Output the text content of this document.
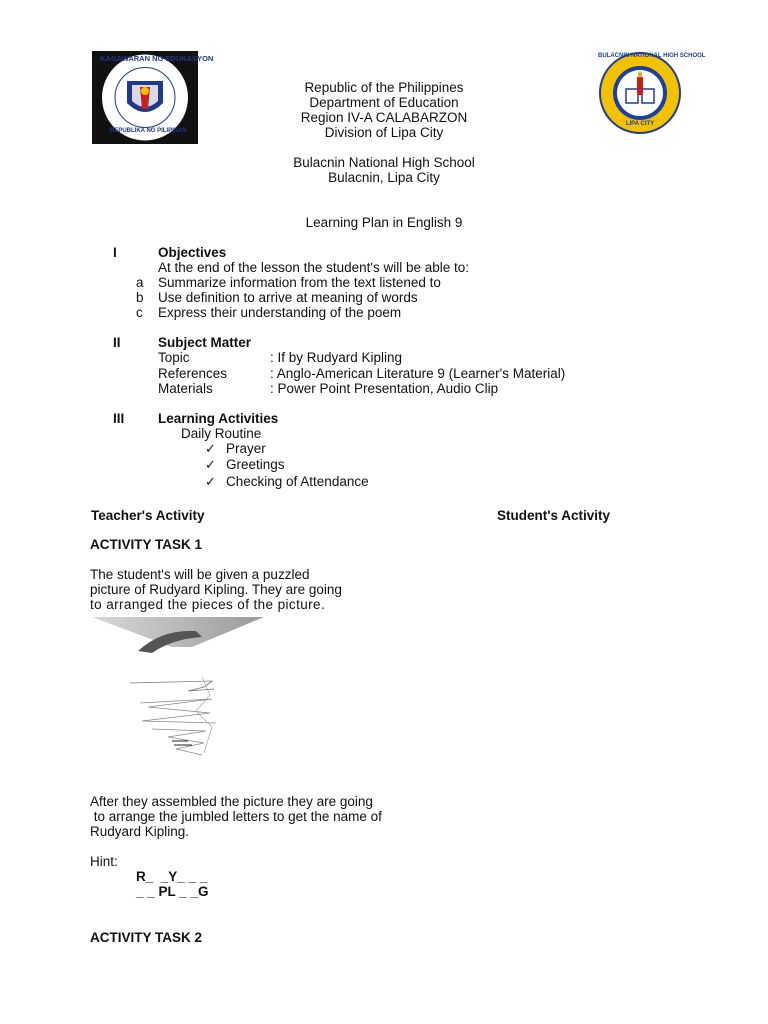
KAGAWARAN NG EDUKASYON
REPUBLIKA NG PILIPINAS
BULACNIN NATIONAL HIGH SCHOOL
LIPA CITY
Republic of the Philippines
Department of Education
Region IV-A CALABARZON
Division of Lipa City
Bulacnin National High School
Bulacnin, Lipa City
Learning Plan in English 9
I	Objectives
At the end of the lesson the student's will be able to:
a Summarize information from the text listened to
b Use definition to arrive at meaning of words
c Express their understanding of the poem
II	Subject Matter
Topic	: If by Rudyard Kipling
References	: Anglo-American Literature 9 (Learner's Material)
Materials	: Power Point Presentation, Audio Clip
III Learning Activities
Daily Routine
✓ Prayer
✓ Greetings
✓ Checking of Attendance
Teacher's Activity	Student's Activity
ACTIVITY TASK 1
The student's will be given a puzzled
picture of Rudyard Kipling. They are going
to arranged the pieces of the picture.
After they assembled the picture they are going
to arrange the jumbled letters to get the name of
Rudyard Kipling.
Hint:
R_  _Y_ _ _
_ _ PL _ _G
ACTIVITY TASK 2
